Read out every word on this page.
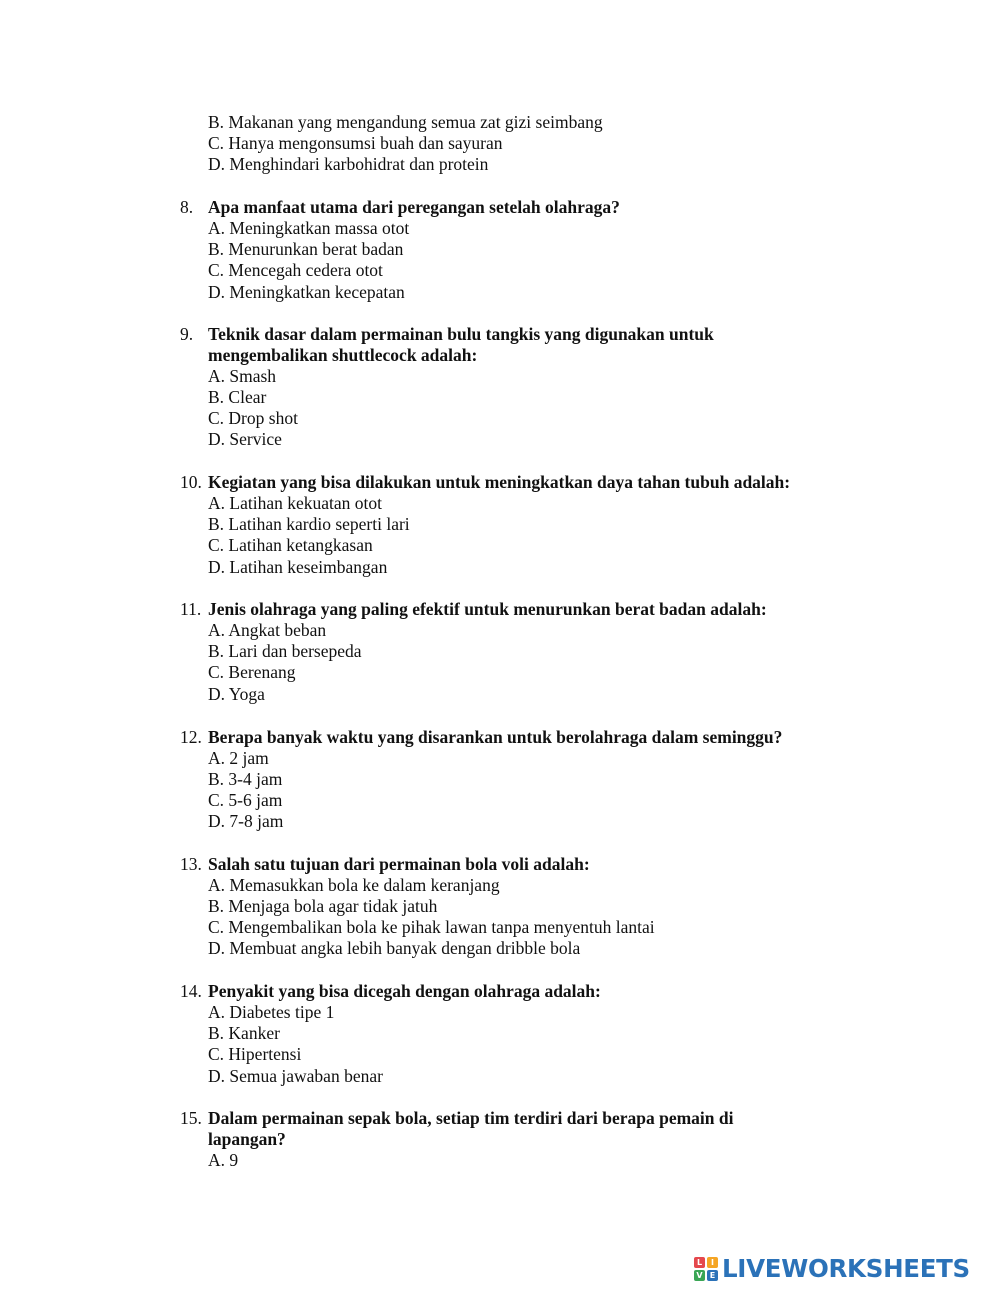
B. Makanan yang mengandung semua zat gizi seimbang
C. Hanya mengonsumsi buah dan sayuran
D. Menghindari karbohidrat dan protein
8. Apa manfaat utama dari peregangan setelah olahraga?
A. Meningkatkan massa otot
B. Menurunkan berat badan
C. Mencegah cedera otot
D. Meningkatkan kecepatan
9. Teknik dasar dalam permainan bulu tangkis yang digunakan untuk
mengembalikan shuttlecock adalah:
A. Smash
B. Clear
C. Drop shot
D. Service
10. Kegiatan yang bisa dilakukan untuk meningkatkan daya tahan tubuh adalah:
A. Latihan kekuatan otot
B. Latihan kardio seperti lari
C. Latihan ketangkasan
D. Latihan keseimbangan
11. Jenis olahraga yang paling efektif untuk menurunkan berat badan adalah:
A. Angkat beban
B. Lari dan bersepeda
C. Berenang
D. Yoga
12. Berapa banyak waktu yang disarankan untuk berolahraga dalam seminggu?
A. 2 jam
B. 3-4 jam
C. 5-6 jam
D. 7-8 jam
13. Salah satu tujuan dari permainan bola voli adalah:
A. Memasukkan bola ke dalam keranjang
B. Menjaga bola agar tidak jatuh
C. Mengembalikan bola ke pihak lawan tanpa menyentuh lantai
D. Membuat angka lebih banyak dengan dribble bola
14. Penyakit yang bisa dicegah dengan olahraga adalah:
A. Diabetes tipe 1
B. Kanker
C. Hipertensi
D. Semua jawaban benar
15. Dalam permainan sepak bola, setiap tim terdiri dari berapa pemain di
lapangan?
A. 9
L	I
V E LIVEWORKSHEETS
